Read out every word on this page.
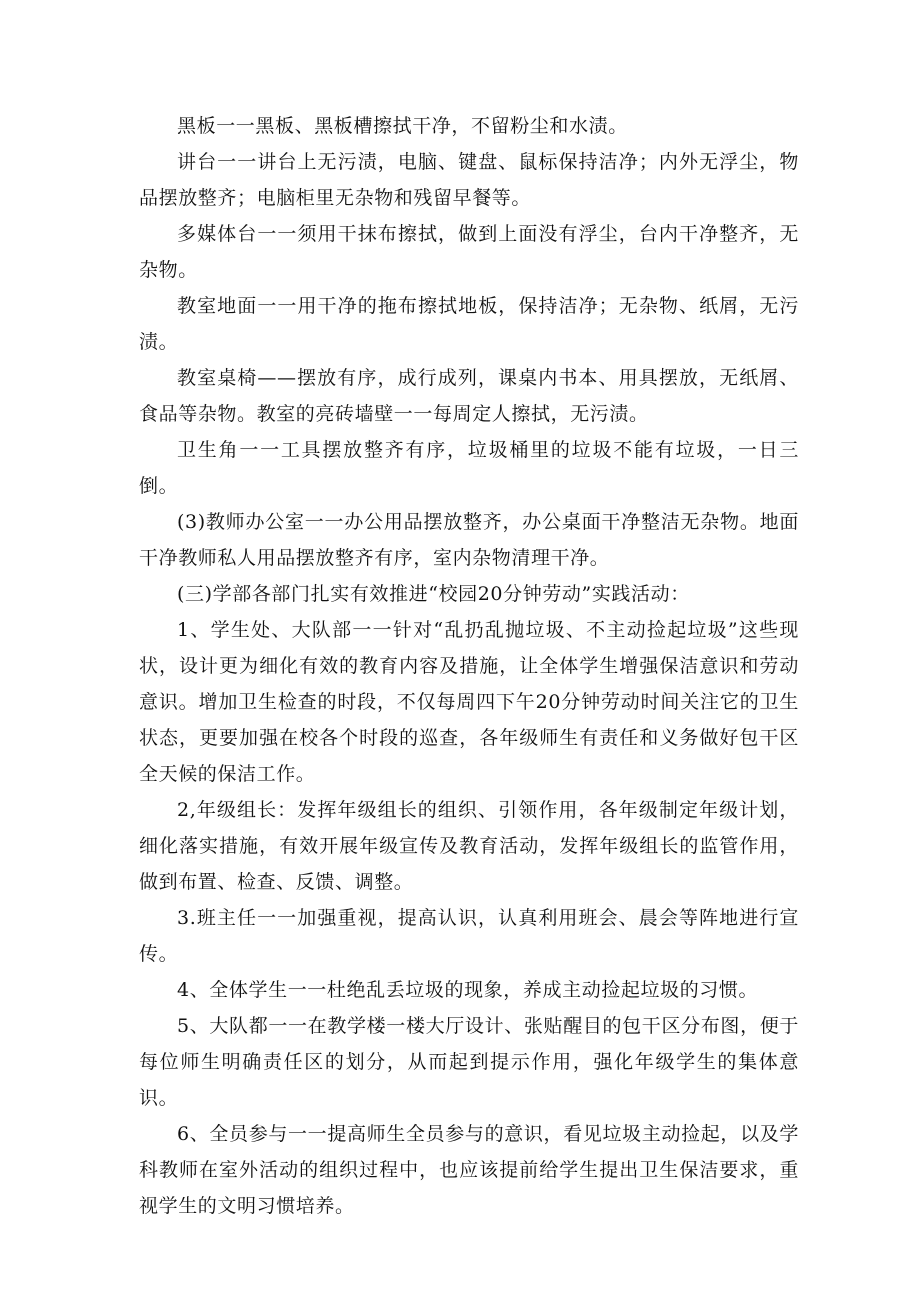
黑板一一黑板、黑板槽擦拭干净，不留粉尘和水渍。

讲台一一讲台上无污渍，电脑、键盘、鼠标保持洁净；内外无浮尘，物品摆放整齐；电脑柜里无杂物和残留早餐等。

多媒体台一一须用干抹布擦拭，做到上面没有浮尘，台内干净整齐，无杂物。

教室地面一一用干净的拖布擦拭地板，保持洁净；无杂物、纸屑，无污渍。

教室桌椅——摆放有序，成行成列，课桌内书本、用具摆放，无纸屑、食品等杂物。教室的亮砖墙壁一一每周定人擦拭，无污渍。

卫生角一一工具摆放整齐有序，垃圾桶里的垃圾不能有垃圾，一日三倒。

(3)教师办公室一一办公用品摆放整齐，办公桌面干净整洁无杂物。地面干净教师私人用品摆放整齐有序，室内杂物清理干净。

(三)学部各部门扎实有效推进“校园20分钟劳动”实践活动：

1、学生处、大队部一一针对“乱扔乱抛垃圾、不主动捡起垃圾”这些现状，设计更为细化有效的教育内容及措施，让全体学生增强保洁意识和劳动意识。增加卫生检查的时段，不仅每周四下午20分钟劳动时间关注它的卫生状态，更要加强在校各个时段的巡查，各年级师生有责任和义务做好包干区全天候的保洁工作。

2,年级组长：发挥年级组长的组织、引领作用，各年级制定年级计划，细化落实措施，有效开展年级宣传及教育活动，发挥年级组长的监管作用，做到布置、检查、反馈、调整。

3.班主任一一加强重视，提高认识，认真利用班会、晨会等阵地进行宣传。

4、全体学生一一杜绝乱丢垃圾的现象，养成主动捡起垃圾的习惯。

5、大队都一一在教学楼一楼大厅设计、张贴醒目的包干区分布图，便于每位师生明确责任区的划分，从而起到提示作用，强化年级学生的集体意识。

6、全员参与一一提高师生全员参与的意识，看见垃圾主动捡起，以及学科教师在室外活动的组织过程中，也应该提前给学生提出卫生保洁要求，重视学生的文明习惯培养。
